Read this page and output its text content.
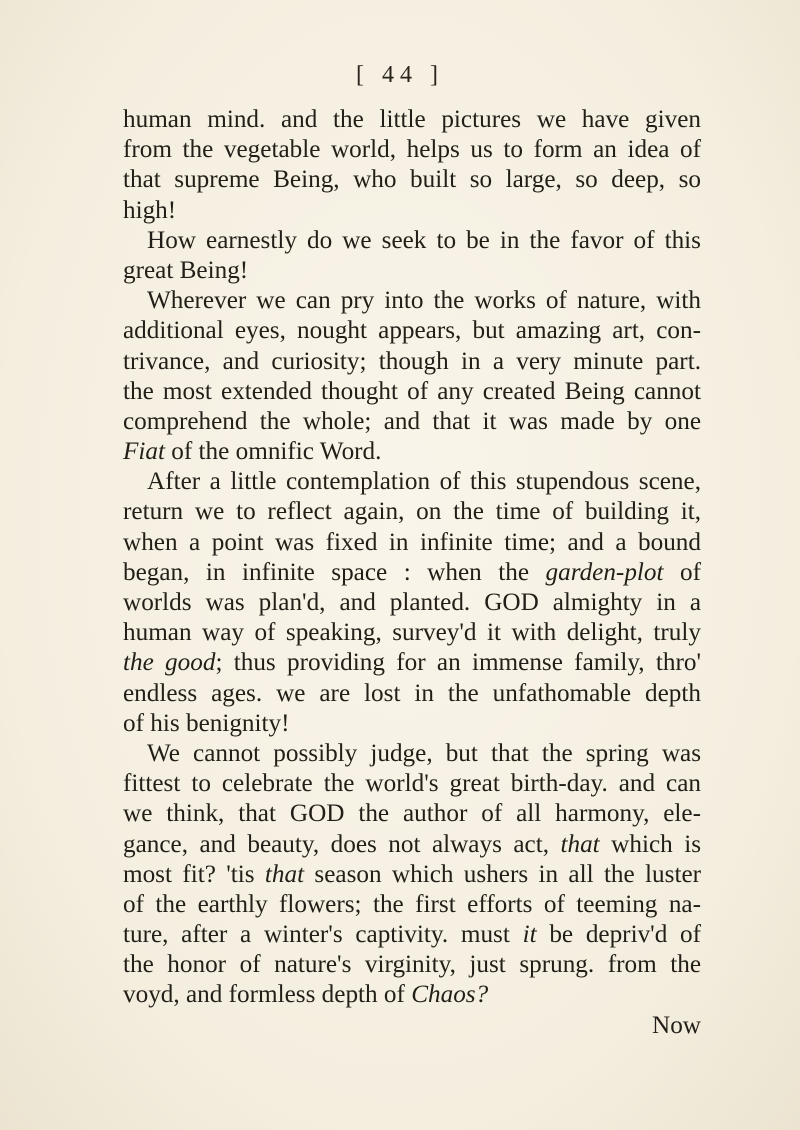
[ 44 ]
human mind. and the little pictures we have given
from the vegetable world, helps us to form an idea of
that supreme Being, who built so large, so deep, so
high!
How earnestly do we seek to be in the favor of this
great Being!
Wherever we can pry into the works of nature, with
additional eyes, nought appears, but amazing art, con-
trivance, and curiosity; though in a very minute part.
the most extended thought of any created Being cannot
comprehend the whole; and that it was made by one
Fiat of the omnific Word.
After a little contemplation of this stupendous scene,
return we to reflect again, on the time of building it,
when a point was fixed in infinite time; and a bound
began, in infinite space : when the garden-plot of
worlds was plan'd, and planted. GOD almighty in a
human way of speaking, survey'd it with delight, truly
the good; thus providing for an immense family, thro'
endless ages. we are lost in the unfathomable depth
of his benignity!
We cannot possibly judge, but that the spring was
fittest to celebrate the world's great birth-day. and can
we think, that GOD the author of all harmony, ele-
gance, and beauty, does not always act, that which is
most fit? 'tis that season which ushers in all the luster
of the earthly flowers; the first efforts of teeming na-
ture, after a winter's captivity. must it be depriv'd of
the honor of nature's virginity, just sprung. from the
voyd, and formless depth of Chaos?
Now
